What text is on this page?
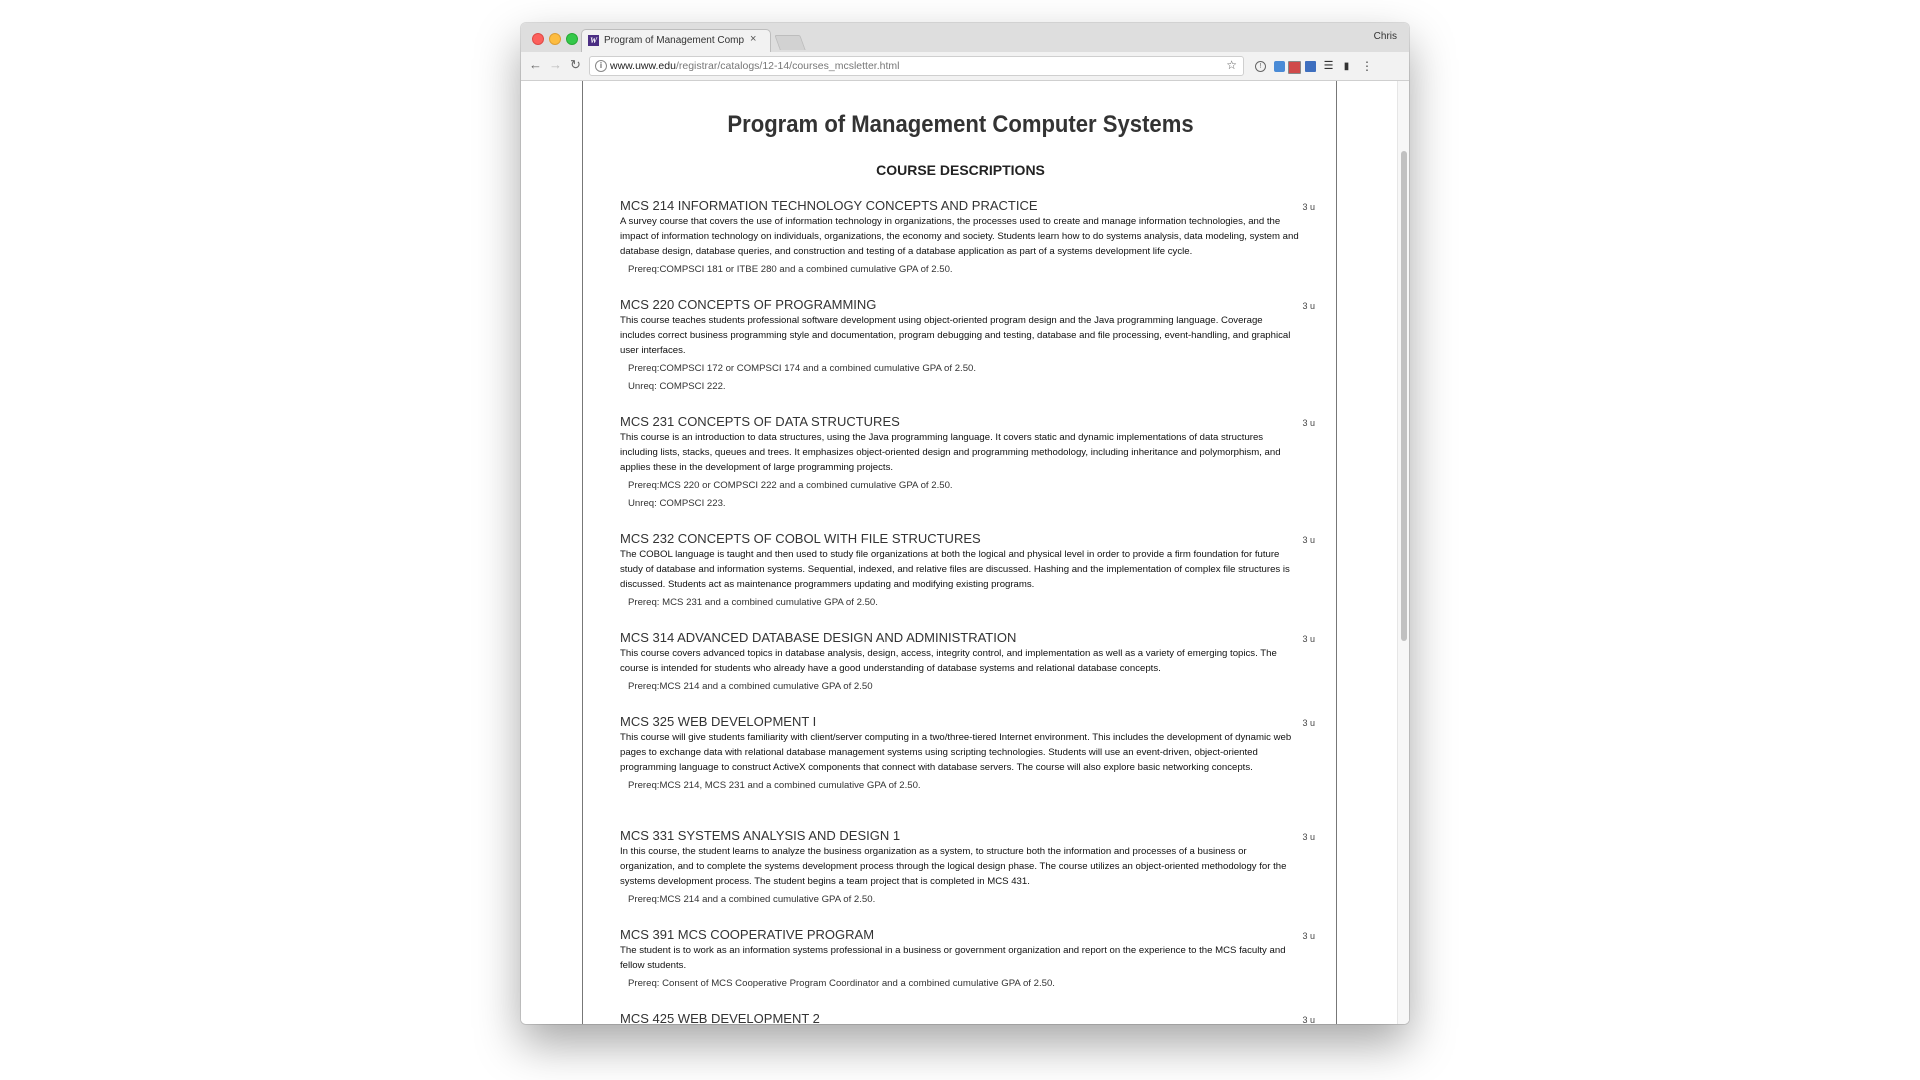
W Program of Management Comp ×	Chris
← → ↻	i www.uww.edu/registrar/catalogs/12-14/courses_mcsletter.html	☆	!	☰ ▮ ⋮
Program of Management Computer Systems
COURSE DESCRIPTIONS
MCS 214 INFORMATION TECHNOLOGY CONCEPTS AND PRACTICE	3 u
A survey course that covers the use of information technology in organizations, the processes used to create and manage information technologies, and the impact of information technology on individuals, organizations, the economy and society. Students learn how to do systems analysis, data modeling, system and database design, database queries, and construction and testing of a database application as part of a systems development life cycle.
Prereq:COMPSCI 181 or ITBE 280 and a combined cumulative GPA of 2.50.
MCS 220 CONCEPTS OF PROGRAMMING	3 u
This course teaches students professional software development using object-oriented program design and the Java programming language. Coverage includes correct business programming style and documentation, program debugging and testing, database and file processing, event-handling, and graphical user interfaces.
Prereq:COMPSCI 172 or COMPSCI 174 and a combined cumulative GPA of 2.50.
Unreq: COMPSCI 222.
MCS 231 CONCEPTS OF DATA STRUCTURES	3 u
This course is an introduction to data structures, using the Java programming language. It covers static and dynamic implementations of data structures including lists, stacks, queues and trees. It emphasizes object-oriented design and programming methodology, including inheritance and polymorphism, and applies these in the development of large programming projects.
Prereq:MCS 220 or COMPSCI 222 and a combined cumulative GPA of 2.50.
Unreq: COMPSCI 223.
MCS 232 CONCEPTS OF COBOL WITH FILE STRUCTURES	3 u
The COBOL language is taught and then used to study file organizations at both the logical and physical level in order to provide a firm foundation for future study of database and information systems. Sequential, indexed, and relative files are discussed. Hashing and the implementation of complex file structures is discussed. Students act as maintenance programmers updating and modifying existing programs.
Prereq: MCS 231 and a combined cumulative GPA of 2.50.
MCS 314 ADVANCED DATABASE DESIGN AND ADMINISTRATION	3 u
This course covers advanced topics in database analysis, design, access, integrity control, and implementation as well as a variety of emerging topics. The course is intended for students who already have a good understanding of database systems and relational database concepts.
Prereq:MCS 214 and a combined cumulative GPA of 2.50
MCS 325 WEB DEVELOPMENT I	3 u
This course will give students familiarity with client/server computing in a two/three-tiered Internet environment. This includes the development of dynamic web pages to exchange data with relational database management systems using scripting technologies. Students will use an event-driven, object-oriented programming language to construct ActiveX components that connect with database servers. The course will also explore basic networking concepts.
Prereq:MCS 214, MCS 231 and a combined cumulative GPA of 2.50.
MCS 331 SYSTEMS ANALYSIS AND DESIGN 1	3 u
In this course, the student learns to analyze the business organization as a system, to structure both the information and processes of a business or organization, and to complete the systems development process through the logical design phase. The course utilizes an object-oriented methodology for the systems development process. The student begins a team project that is completed in MCS 431.
Prereq:MCS 214 and a combined cumulative GPA of 2.50.
MCS 391 MCS COOPERATIVE PROGRAM	3 u
The student is to work as an information systems professional in a business or government organization and report on the experience to the MCS faculty and fellow students.
Prereq: Consent of MCS Cooperative Program Coordinator and a combined cumulative GPA of 2.50.
MCS 425 WEB DEVELOPMENT 2	3 u
